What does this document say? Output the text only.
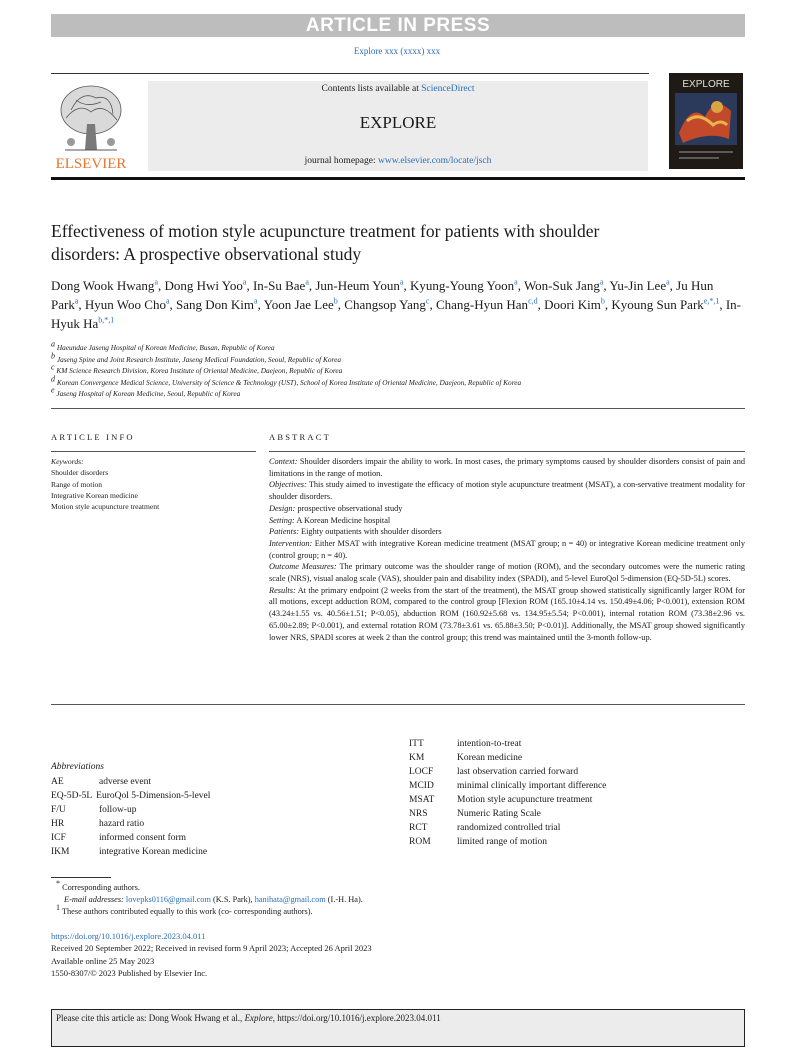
ARTICLE IN PRESS
Explore xxx (xxxx) xxx
ELSEVIER
Contents lists available at ScienceDirect
EXPLORE
journal homepage: www.elsevier.com/locate/jsch
EXPLORE
Effectiveness of motion style acupuncture treatment for patients with shoulder disorders: A prospective observational study
Dong Wook Hwang$^a$, Dong Hwi Yoo$^a$, In-Su Bae$^a$, Jun-Heum Youn$^a$, Kyung-Young Yoon$^a$, Won-Suk Jang$^a$, Yu-Jin Lee$^a$, Ju Hun Park$^a$, Hyun Woo Cho$^a$, Sang Don Kim$^a$, Yoon Jae Lee$^b$, Changsop Yang$^c$, Chang-Hyun Han$^{c,d}$, Doori Kim$^b$, Kyoung Sun Park$^{e,*,1}$, In-Hyuk $Ha^{b,*,1}$
$^a$ Haeundae Jaseng Hospital of Korean Medicine, Busan, Republic of Korea
$^b$ Jaseng Spine and Joint Research Institute, Jaseng Medical Foundation, Seoul, Republic of Korea
$^c$ KM Science Research Division, Korea Institute of Oriental Medicine, Daejeon, Republic of Korea
$^d$ Korean Convergence Medical Science, University of Science & Technology (UST), School of Korea Institute of Oriental Medicine, Daejeon, Republic of Korea
$^e$ Jaseng Hospital of Korean Medicine, Seoul, Republic of Korea
ARTICLE INFO	ABSTRACT
Keywords:
Shoulder disorders
Range of motion
Integrative Korean medicine
Motion style acupuncture treatment

Context: Shoulder disorders impair the ability to work. In most cases, the primary symptoms caused by shoulder disorders consist of pain and limitations in the range of motion.

Objectives: This study aimed to investigate the efficacy of motion style acupuncture treatment (MSAT), a con-servative treatment modality for shoulder disorders.

Design: prospective observational study

Setting: A Korean Medicine hospital

Patients: Eighty outpatients with shoulder disorders

Intervention: Either MSAT with integrative Korean medicine treatment (MSAT group; n = 40) or integrative Korean medicine treatment only (control group; n = 40).

Outcome Measures: The primary outcome was the shoulder range of motion (ROM), and the secondary outcomes were the numeric rating scale (NRS), visual analog scale (VAS), shoulder pain and disability index (SPADI), and 5-level EuroQol 5-dimension (EQ-5D-5L) scores.

Results: At the primary endpoint (2 weeks from the start of the treatment), the MSAT group showed statistically significantly larger ROM for all motions, except adduction ROM, compared to the control group [Flexion ROM (165.10±4.14 vs. 150.49±4.06; P<0.001), extension ROM (43.24±1.55 vs. 40.56±1.51; P<0.05), abduction ROM (160.92±5.68 vs. 134.95±5.54; P<0.001), internal rotation ROM (73.38±2.96 vs. 65.00±2.89; P<0.001), and external rotation ROM (73.78±3.61 vs. 65.88±3.50; P<0.01)]. Additionally, the MSAT group showed significantly lower NRS, SPADI scores at week 2 than the control group; this trend was maintained until the 3-month follow-up.

Abbreviations
AE	adverse event
EQ-5D-5L EuroQol 5-Dimension-5-level
F/U	follow-up
HR	hazard ratio
ICF	informed consent form
IKM	integrative Korean medicine
ITT	intention-to-treat
KM	Korean medicine
LOCF last observation carried forward
MCID minimal clinically important difference
MSAT Motion style acupuncture treatment
NRS	Numeric Rating Scale
RCT	randomized controlled trial
ROM	limited range of motion
* Corresponding authors.
E-mail addresses: lovepks0116@gmail.com (K.S. Park), hanihata@gmail.com (I.-H. Ha).
$^1$ These authors contributed equally to this work (co- corresponding authors).
https://doi.org/10.1016/j.explore.2023.04.011
Received 20 September 2022; Received in revised form 9 April 2023; Accepted 26 April 2023
Available online 25 May 2023
1550-8307/© 2023 Published by Elsevier Inc.
Please cite this article as: Dong Wook Hwang et al., Explore, https://doi.org/10.1016/j.explore.2023.04.011
